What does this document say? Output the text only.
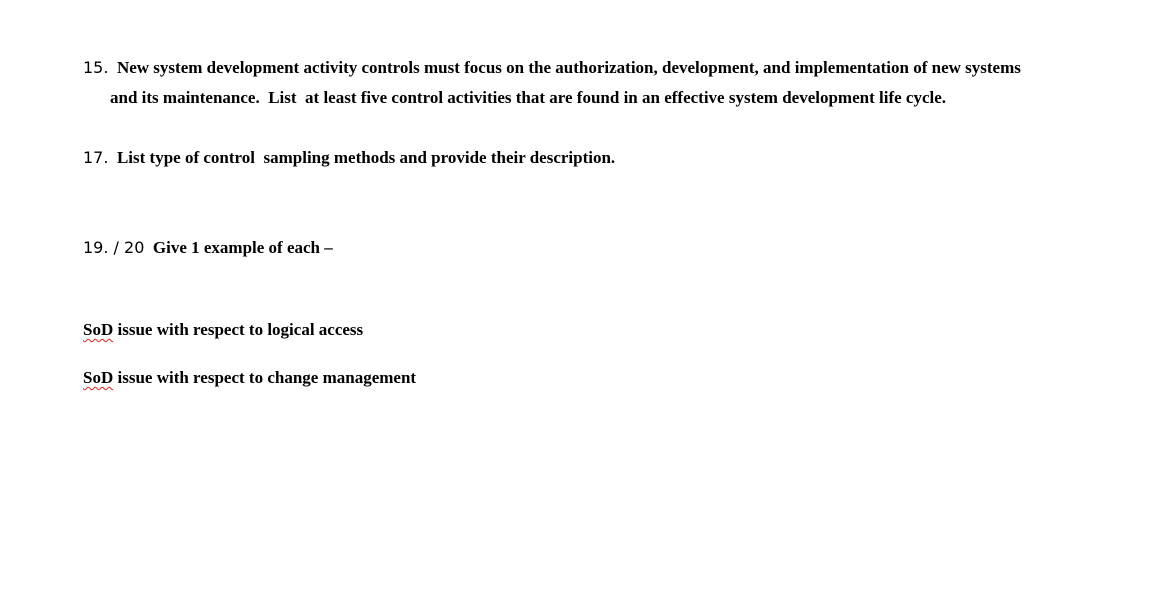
15. New system development activity controls must focus on the authorization, development, and implementation of new systems
and its maintenance.  List  at least five control activities that are found in an effective system development life cycle.
17. List type of control  sampling methods and provide their description.
19. / 20 Give 1 example of each –
SoD issue with respect to logical access
SoD issue with respect to change management
